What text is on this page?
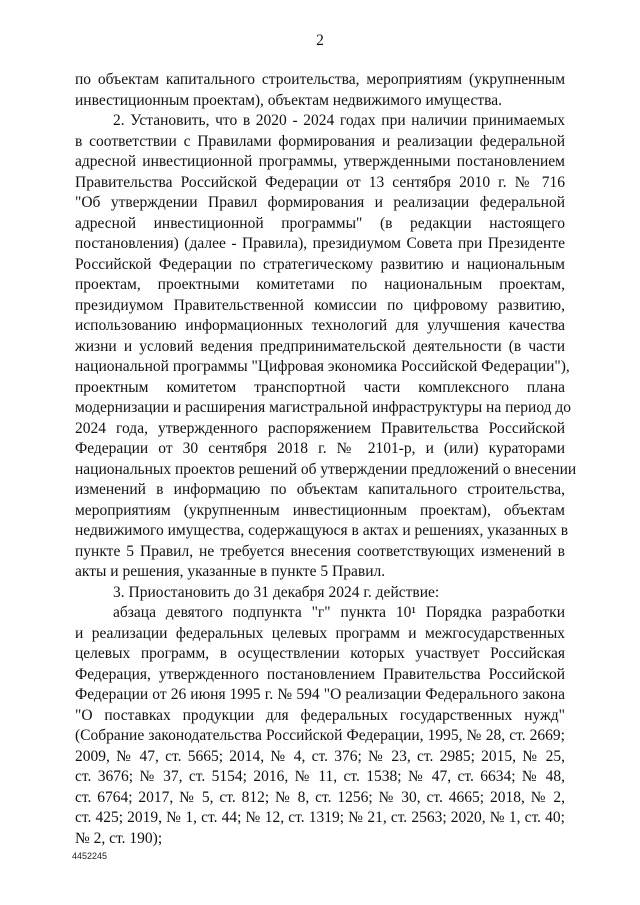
2
по объектам капитального строительства, мероприятиям (укрупненным
инвестиционным проектам), объектам недвижимого имущества.
2. Установить, что в 2020 - 2024 годах при наличии принимаемых
в соответствии с Правилами формирования и реализации федеральной
адресной инвестиционной программы, утвержденными постановлением
Правительства Российской Федерации от 13 сентября 2010 г. № 716
"Об утверждении Правил формирования и реализации федеральной
адресной инвестиционной программы" (в редакции настоящего
постановления) (далее - Правила), президиумом Совета при Президенте
Российской Федерации по стратегическому развитию и национальным
проектам, проектными комитетами по национальным проектам,
президиумом Правительственной комиссии по цифровому развитию,
использованию информационных технологий для улучшения качества
жизни и условий ведения предпринимательской деятельности (в части
национальной программы "Цифровая экономика Российской Федерации"),
проектным комитетом транспортной части комплексного плана
модернизации и расширения магистральной инфраструктуры на период до
2024 года, утвержденного распоряжением Правительства Российской
Федерации от 30 сентября 2018 г. № 2101-р, и (или) кураторами
национальных проектов решений об утверждении предложений о внесении
изменений в информацию по объектам капитального строительства,
мероприятиям (укрупненным инвестиционным проектам), объектам
недвижимого имущества, содержащуюся в актах и решениях, указанных в
пункте 5 Правил, не требуется внесения соответствующих изменений в
акты и решения, указанные в пункте 5 Правил.
3. Приостановить до 31 декабря 2024 г. действие:
абзаца девятого подпункта "г" пункта 10¹ Порядка разработки
и реализации федеральных целевых программ и межгосударственных
целевых программ, в осуществлении которых участвует Российская
Федерация, утвержденного постановлением Правительства Российской
Федерации от 26 июня 1995 г. № 594 "О реализации Федерального закона
"О поставках продукции для федеральных государственных нужд"
(Собрание законодательства Российской Федерации, 1995, № 28, ст. 2669;
2009, № 47, ст. 5665; 2014, № 4, ст. 376; № 23, ст. 2985; 2015, № 25,
ст. 3676; № 37, ст. 5154; 2016, № 11, ст. 1538; № 47, ст. 6634; № 48,
ст. 6764; 2017, № 5, ст. 812; № 8, ст. 1256; № 30, ст. 4665; 2018, № 2,
ст. 425; 2019, № 1, ст. 44; № 12, ст. 1319; № 21, ст. 2563; 2020, № 1, ст. 40;
№ 2, ст. 190);
4452245
